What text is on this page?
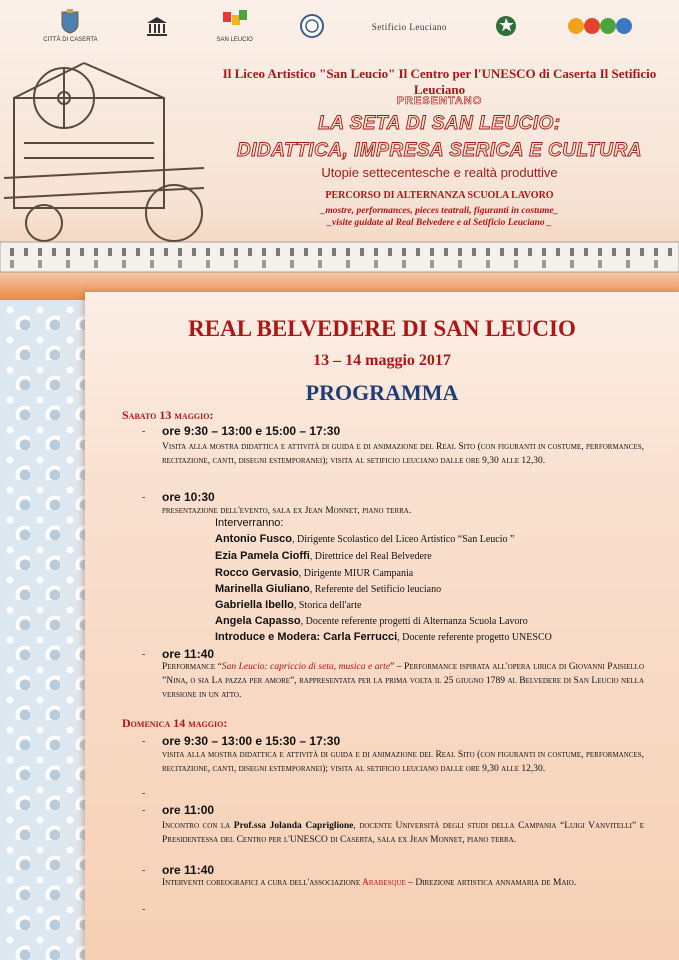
CITTÀ DI CASERTA	SAN LEUCIO
Setificio Leuciano
Il Liceo Artistico "San Leucio" Il Centro per l'UNESCO di Caserta Il Setificio Leuciano
PRESENTANO
LA SETA DI SAN LEUCIO:
DIDATTICA, IMPRESA SERICA E CULTURA
Utopie settecentesche e realtà produttive
PERCORSO DI ALTERNANZA SCUOLA LAVORO
_mostre, performances, pieces teatrali, figuranti in costume_
_visite guidate al Real Belvedere e al Setificio Leuciano _
REAL BELVEDERE DI SAN LEUCIO
13 – 14 maggio 2017
PROGRAMMA
Sabato 13 maggio:
- ore 9:30 – 13:00 e 15:00 – 17:30
Visita alla mostra didattica e attività di guida e di animazione del Real Sito (con figuranti in costume, performances, recitazione, canti, disegni estemporanei); visita al setificio leuciano dalle ore 9,30 alle 12,30.
- ore 10:30
presentazione dell'evento, sala ex Jean Monnet, piano terra.
Interverranno:
Antonio Fusco, Dirigente Scolastico del Liceo Artistico “San Leucio ”
Ezia Pamela Cioffi, Direttrice del Real Belvedere
Rocco Gervasio, Dirigente MIUR Campania
Marinella Giuliano, Referente del Setificio leuciano
Gabriella Ibello, Storica dell'arte
Angela Capasso, Docente referente progetti di Alternanza Scuola Lavoro
Introduce e Modera: Carla Ferrucci, Docente referente progetto UNESCO
- ore 11:40
Performance “San Leucio: capriccio di seta, musica e arte” – Performance ispirata all'opera lirica di Giovanni Paisiello ”Nina, o sia La pazza per amore”, rappresentata per la prima volta il 25 giugno 1789 al Belvedere di San Leucio nella versione in un atto.
Domenica 14 maggio:
- ore 9:30 – 13:00 e 15:30 – 17:30
visita alla mostra didattica e attività di guida e di animazione del Real Sito (con figuranti in costume, performances, recitazione, canti, disegni estemporanei); visita al setificio leuciano dalle ore 9,30 alle 12,30.
-
- ore 11:00
Incontro con la Prof.ssa Jolanda Capriglione, docente Università degli studi della Campania “Luigi Vanvitelli” e Presidentessa del Centro per l'UNESCO di Caserta, sala ex Jean Monnet, piano terra.
- ore 11:40
Interventi coreografici a cura dell'associazione Arabesque – Direzione artistica annamaria de Maio.
-
